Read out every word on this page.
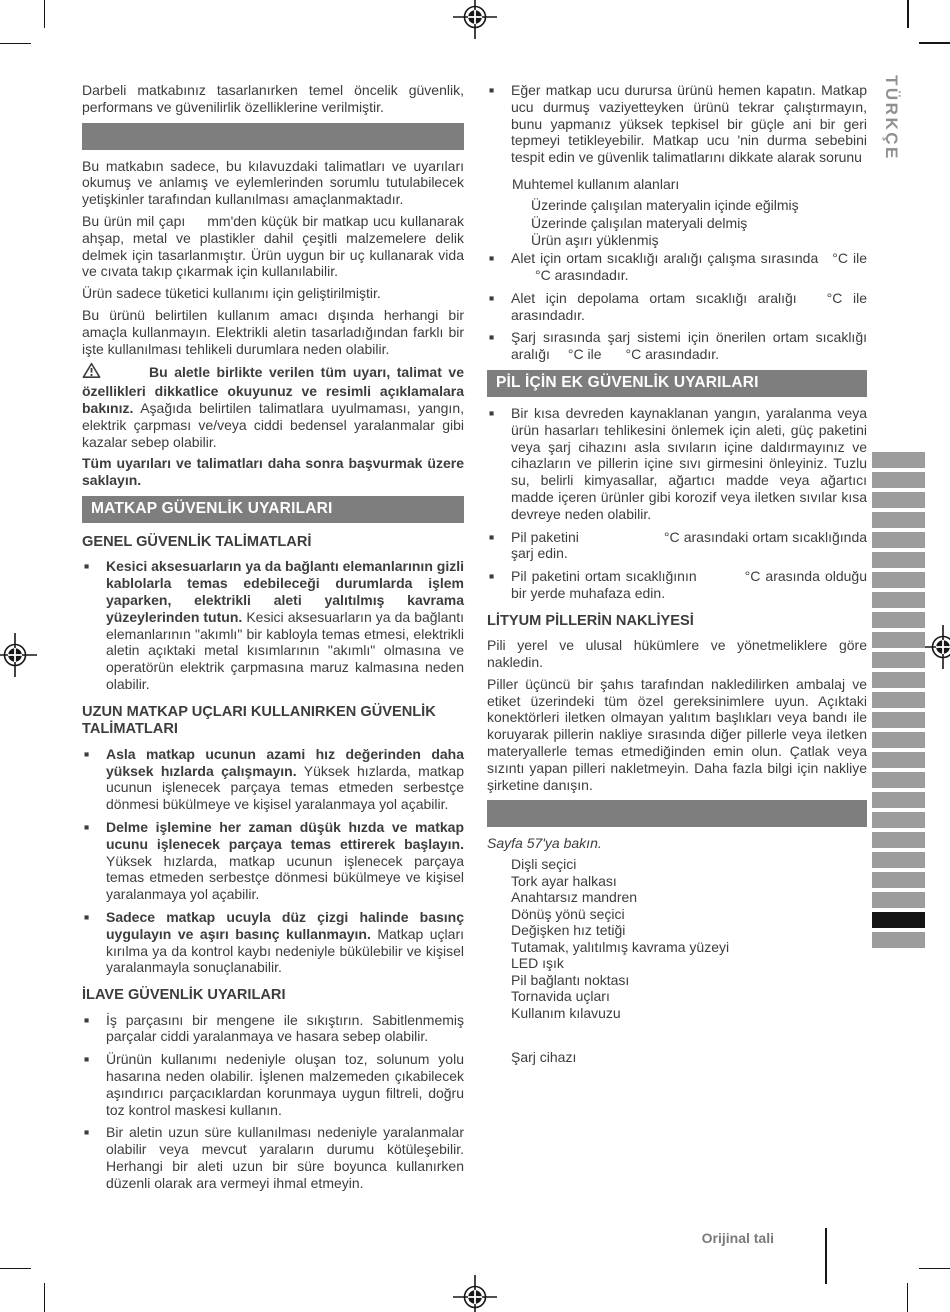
TÜRKÇE
Darbeli matkabınız tasarlanırken temel öncelik güvenlik, performans ve güvenilirlik özelliklerine verilmiştir.
Bu matkabın sadece, bu kılavuzdaki talimatları ve uyarıları okumuş ve anlamış ve eylemlerinden sorumlu tutulabilecek yetişkinler tarafından kullanılması amaçlanmaktadır.
Bu ürün mil çapı mm'den küçük bir matkap ucu kullanarak ahşap, metal ve plastikler dahil çeşitli malzemelere delik delmek için tasarlanmıştır. Ürün uygun bir uç kullanarak vida ve cıvata takıp çıkarmak için kullanılabilir.
Ürün sadece tüketici kullanımı için geliştirilmiştir.
Bu ürünü belirtilen kullanım amacı dışında herhangi bir amaçla kullanmayın. Elektrikli aletin tasarladığından farklı bir işte kullanılması tehlikeli durumlara neden olabilir.
Bu aletle birlikte verilen tüm uyarı, talimat ve özellikleri dikkatlice okuyunuz ve resimli açıklamalara bakınız. Aşağıda belirtilen talimatlara uyulmaması, yangın, elektrik çarpması ve/veya ciddi bedensel yaralanmalar gibi kazalar sebep olabilir.
Tüm uyarıları ve talimatları daha sonra başvurmak üzere saklayın.
MATKAP GÜVENLİK UYARILARI
GENEL GÜVENLİK TALİMATLARİ
■	Kesici aksesuarların ya da bağlantı elemanlarının gizli kablolarla temas edebileceği durumlarda işlem yaparken, elektrikli aleti yalıtılmış kavrama yüzeylerinden tutun. Kesici aksesuarların ya da bağlantı elemanlarının "akımlı" bir kabloyla temas etmesi, elektrikli aletin açıktaki metal kısımlarının "akımlı" olmasına ve operatörün elektrik çarpmasına maruz kalmasına neden olabilir.
UZUN MATKAP UÇLARI KULLANIRKEN GÜVENLİK TALİMATLARI
■	Asla matkap ucunun azami hız değerinden daha yüksek hızlarda çalışmayın. Yüksek hızlarda, matkap ucunun işlenecek parçaya temas etmeden serbestçe dönmesi bükülmeye ve kişisel yaralanmaya yol açabilir.
■	Delme işlemine her zaman düşük hızda ve matkap ucunu işlenecek parçaya temas ettirerek başlayın. Yüksek hızlarda, matkap ucunun işlenecek parçaya temas etmeden serbestçe dönmesi bükülmeye ve kişisel yaralanmaya yol açabilir.
■	Sadece matkap ucuyla düz çizgi halinde basınç uygulayın ve aşırı basınç kullanmayın. Matkap uçları kırılma ya da kontrol kaybı nedeniyle bükülebilir ve kişisel yaralanmayla sonuçlanabilir.
İLAVE GÜVENLİK UYARILARI
■	İş parçasını bir mengene ile sıkıştırın. Sabitlenmemiş parçalar ciddi yaralanmaya ve hasara sebep olabilir.
■	Ürünün kullanımı nedeniyle oluşan toz, solunum yolu hasarına neden olabilir. İşlenen malzemeden çıkabilecek aşındırıcı parçacıklardan korunmaya uygun filtreli, doğru toz kontrol maskesi kullanın.
■	Bir aletin uzun süre kullanılması nedeniyle yaralanmalar olabilir veya mevcut yaraların durumu kötüleşebilir. Herhangi bir aleti uzun bir süre boyunca kullanırken düzenli olarak ara vermeyi ihmal etmeyin.
■	Eğer matkap ucu durursa ürünü hemen kapatın. Matkap ucu durmuş vaziyetteyken ürünü tekrar çalıştırmayın, bunu yapmanız yüksek tepkisel bir güçle ani bir geri tepmeyi tetikleyebilir. Matkap ucu 'nin durma sebebini tespit edin ve güvenlik talimatlarını dikkate alarak sorunu
Muhtemel kullanım alanları
Üzerinde çalışılan materyalin içinde eğilmiş
Üzerinde çalışılan materyali delmiş
Ürün aşırı yüklenmiş
■	Alet için ortam sıcaklığı aralığı çalışma sırasında °C ile°C arasındadır.
■	Alet için depolama ortam sıcaklığı aralığı °C ile arasındadır.
■	Şarj sırasında şarj sistemi için önerilen ortam sıcaklığı aralığı °C ile °C arasındadır.
PİL İÇİN EK GÜVENLİK UYARILARI
■	Bir kısa devreden kaynaklanan yangın, yaralanma veya ürün hasarları tehlikesini önlemek için aleti, güç paketini veya şarj cihazını asla sıvıların içine daldırmayınız ve cihazların ve pillerin içine sıvı girmesini önleyiniz. Tuzlu su, belirli kimyasallar, ağartıcı madde veya ağartıcı madde içeren ürünler gibi korozif veya iletken sıvılar kısa devreye neden olabilir.
■	Pil paketini	°C arasındaki ortam sıcaklığında şarj edin.
■	Pil paketini ortam sıcaklığının	°C arasında olduğu bir yerde muhafaza edin.
LİTYUM PİLLERİN NAKLİYESİ
Pili yerel ve ulusal hükümlere ve yönetmeliklere göre nakledin.
Piller üçüncü bir şahıs tarafından nakledilirken ambalaj ve etiket üzerindeki tüm özel gereksinimlere uyun. Açıktaki konektörleri iletken olmayan yalıtım başlıkları veya bandı ile koruyarak pillerin nakliye sırasında diğer pillerle veya iletken materyallerle temas etmediğinden emin olun. Çatlak veya sızıntı yapan pilleri nakletmeyin. Daha fazla bilgi için nakliye şirketine danışın.
Sayfa 57'ya bakın.
Dişli seçici
Tork ayar halkası
Anahtarsız mandren
Dönüş yönü seçici
Değişken hız tetiği
Tutamak, yalıtılmış kavrama yüzeyi
LED ışık
Pil bağlantı noktası
Tornavida uçları
Kullanım kılavuzu
Şarj cihazı
Orijinal tali
